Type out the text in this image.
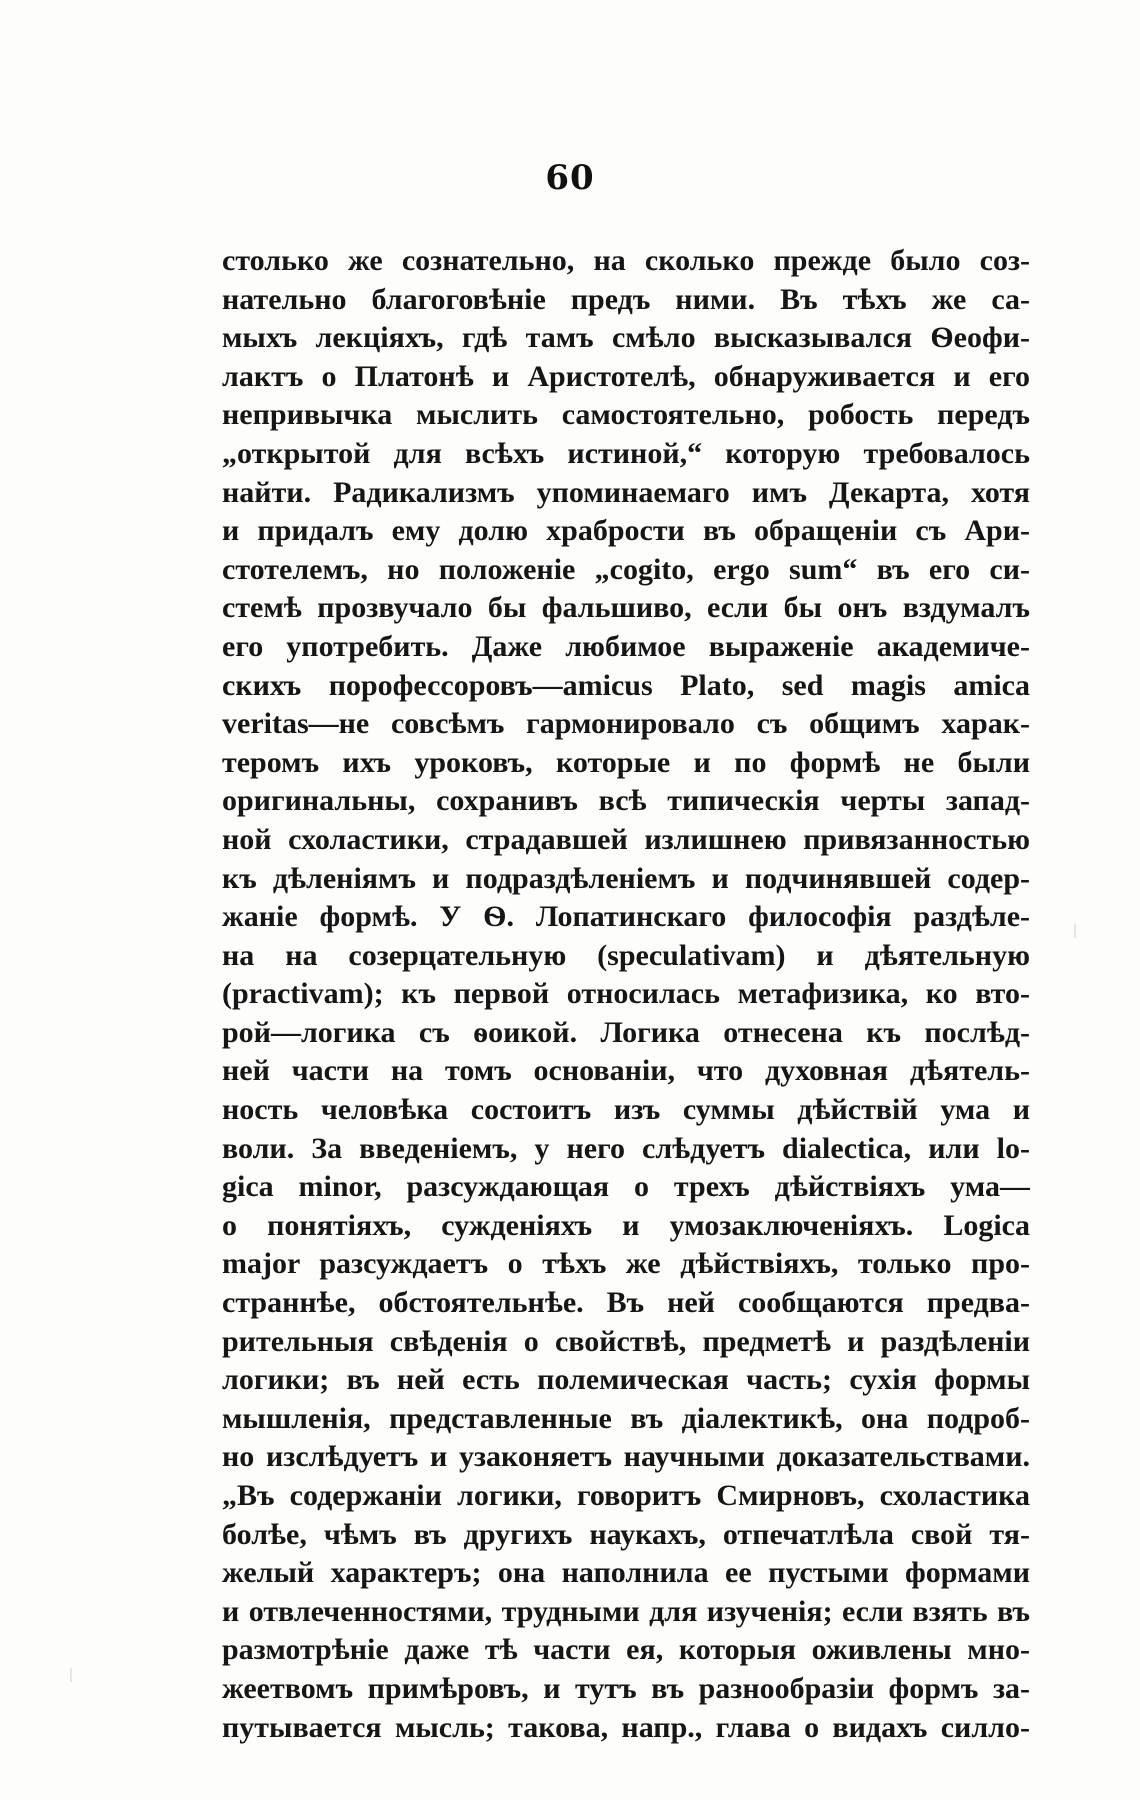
60
столько же сознательно, на сколько прежде было соз-
нательно благоговѣніе предъ ними. Въ тѣхъ же са-
мыхъ лекціяхъ, гдѣ тамъ смѣло высказывался Ѳеофи-
лактъ о Платонѣ и Аристотелѣ, обнаруживается и его
непривычка мыслить самостоятельно, робость передъ
„открытой для всѣхъ истиной,“ которую требовалось
найти. Радикализмъ упоминаемаго имъ Декарта, хотя
и придалъ ему долю храбрости въ обращеніи съ Ари-
стотелемъ, но положеніе „cogito, ergo sum“ въ его си-
стемѣ прозвучало бы фальшиво, если бы онъ вздумалъ
его употребить. Даже любимое выраженіе академиче-
скихъ порофессоровъ—amicus Plato, sed magis amica
veritas—не совсѣмъ гармонировало съ общимъ харак-
теромъ ихъ уроковъ, которые и по формѣ не были
оригинальны, сохранивъ всѣ типическія черты запад-
ной схоластики, страдавшей излишнею привязанностью
къ дѣленіямъ и подраздѣленіемъ и подчинявшей содер-
жаніе формѣ. У Ѳ. Лопатинскаго философія раздѣле-
на на созерцательную (speculativam) и дѣятельную
(practivam); къ первой относилась метафизика, ко вто-
рой—логика съ ѳоикой. Логика отнесена къ послѣд-
ней части на томъ основаніи, что духовная дѣятель-
ность человѣка состоитъ изъ суммы дѣйствій ума и
воли. За введеніемъ, у него слѣдуетъ dialectica, или lo-
gica minor, разсуждающая о трехъ дѣйствіяхъ ума—
о понятіяхъ, сужденіяхъ и умозаключеніяхъ. Logica
major разсуждаетъ о тѣхъ же дѣйствіяхъ, только про-
страннѣе, обстоятельнѣе. Въ ней сообщаются предва-
рительныя свѣденія о свойствѣ, предметѣ и раздѣленіи
логики; въ ней есть полемическая часть; сухія формы
мышленія, представленные въ діалектикѣ, она подроб-
но изслѣдуетъ и узаконяетъ научными доказательствами.
„Въ содержаніи логики, говоритъ Смирновъ, схоластика
болѣе, чѣмъ въ другихъ наукахъ, отпечатлѣла свой тя-
желый характеръ; она наполнила ее пустыми формами
и отвлеченностями, трудными для изученія; если взять въ
размотрѣніе даже тѣ части ея, которыя оживлены мно-
жеетвомъ примѣровъ, и тутъ въ разнообразіи формъ за-
путывается мысль; такова, напр., глава о видахъ силло-
